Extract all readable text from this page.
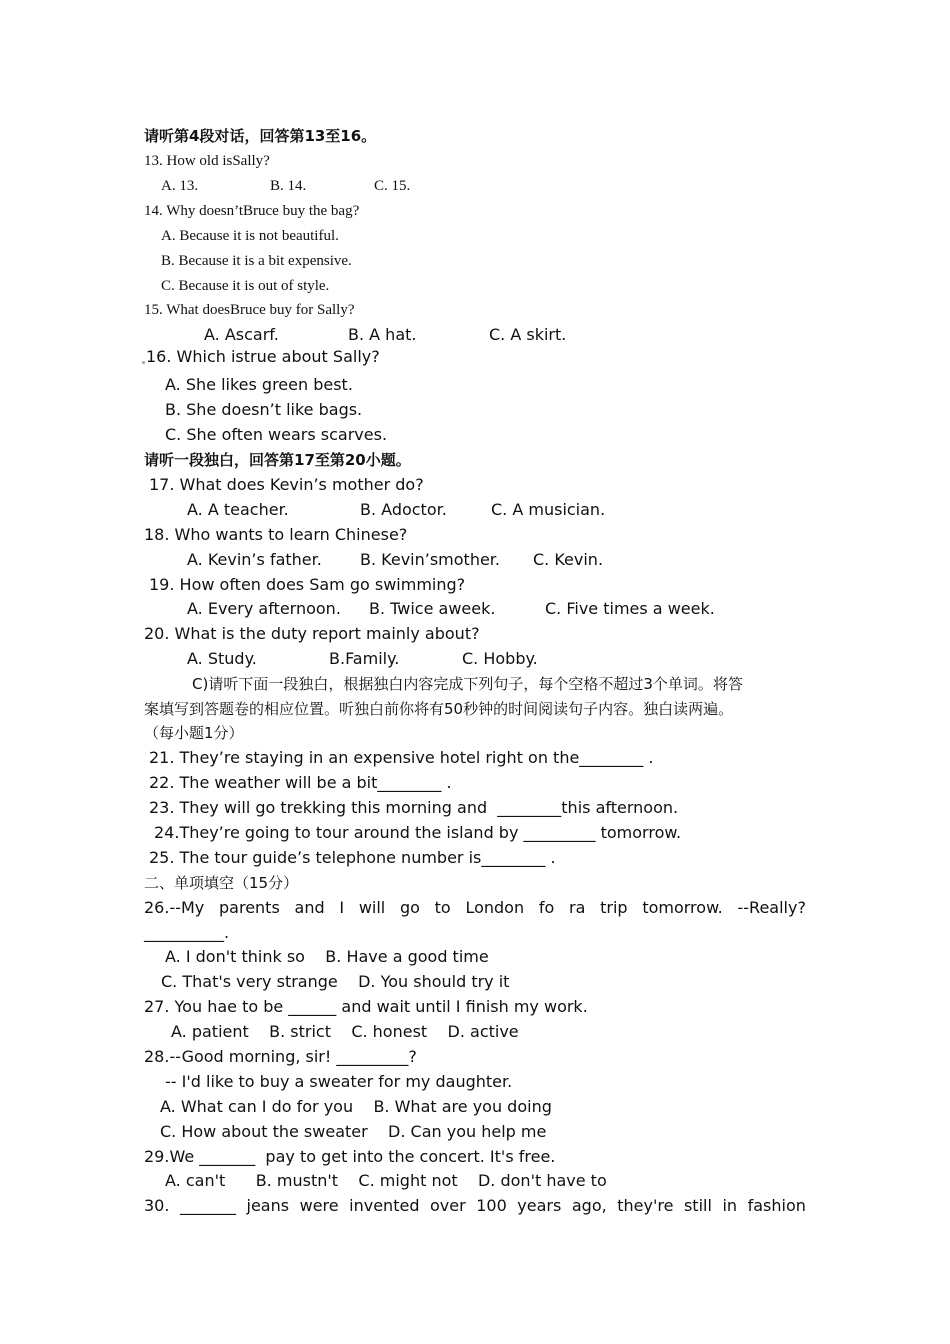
请听第4段对话，回答第13至16。
13. How old isSally?
A. 13.	B. 14.	C. 15.
14. Why doesn’tBruce buy the bag?
A. Because it is not beautiful.
B. Because it is a bit expensive.
C. Because it is out of style.
15. What doesBruce buy for Sally?
A. Ascarf.	B. A hat.	C. A skirt.
16. Which istrue about Sally?
A. She likes green best.
B. She doesn’t like bags.
C. She often wears scarves.
请听一段独白，回答第17至第20小题。
17. What does Kevin’s mother do?
A. A teacher.	B. Adoctor.	C. A musician.
18. Who wants to learn Chinese?
A. Kevin’s father. B. Kevin’smother. C. Kevin.
19. How often does Sam go swimming?
A. Every afternoon. B. Twice aweek.	C. Five times a week.
20. What is the duty report mainly about?
A. Study.	B.Family.	C. Hobby.
C)请听下面一段独白，根据独白内容完成下列句子，每个空格不超过3个单词。将答
案填写到答题卷的相应位置。听独白前你将有50秒钟的时间阅读句子内容。独白读两遍。
（每小题1分）
21. They’re staying in an expensive hotel right on the________ .
22. The weather will be a bit________ .
23. They will go trekking this morning and  ________this afternoon.
24.They’re going to tour around the island by _________ tomorrow.
25. The tour guide’s telephone number is________ .
二、单项填空（15分）
26.--My parents and I will go to London fo ra trip tomorrow. --Really?
__________.
A. I don't think so    B. Have a good time
C. That's very strange    D. You should try it
27. You hae to be ______ and wait until I finish my work.
A. patient    B. strict    C. honest    D. active
28.--Good morning, sir! _________?
-- I'd like to buy a sweater for my daughter.
A. What can I do for you    B. What are you doing
C. How about the sweater    D. Can you help me
29.We _______  pay to get into the concert. It's free.
A. can't      B. mustn't    C. might not    D. don't have to
30. _______ jeans were invented over 100 years ago, they're still in fashion
